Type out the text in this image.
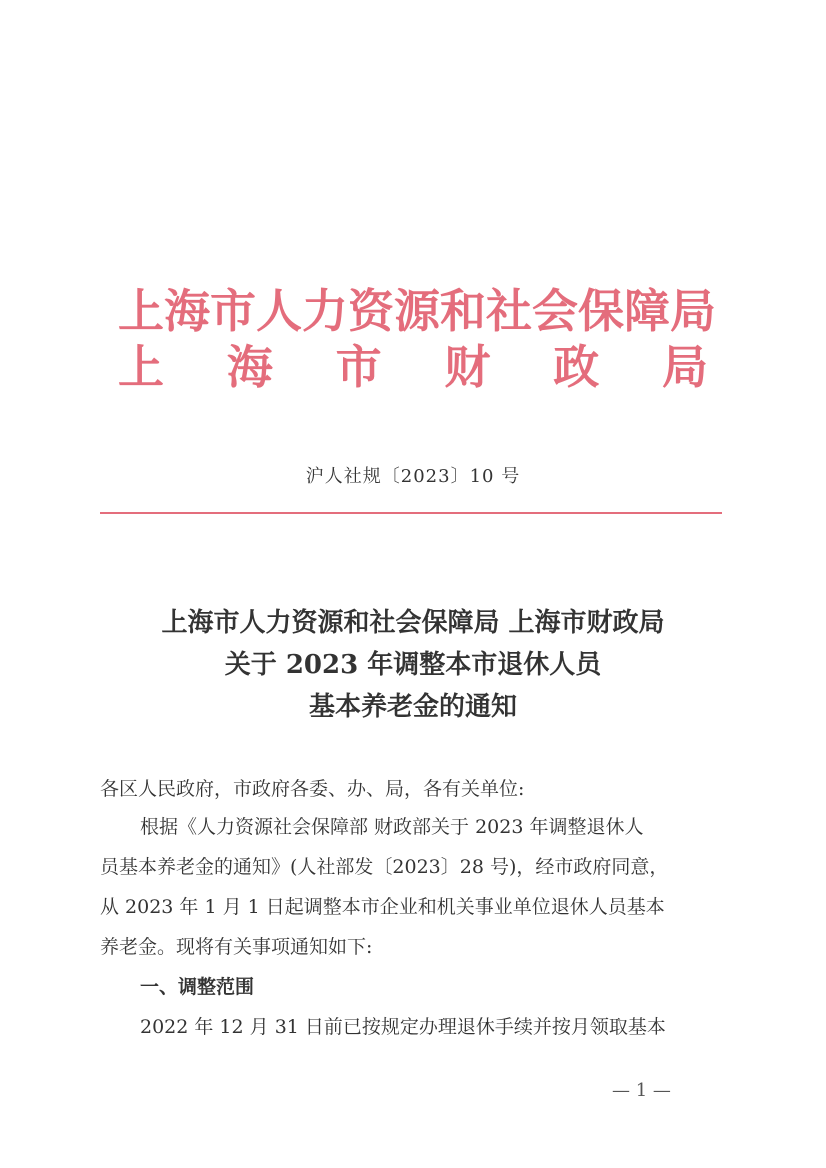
上 海 市 人 力 资 源 和 社 会 保 障 局
上 海 市 财 政 局
沪人社规〔2023〕10 号
上海市人力资源和社会保障局 上海市财政局
关于 2023 年调整本市退休人员
基本养老金的通知
各区人民政府，市政府各委、办、局，各有关单位:
根据《人力资源社会保障部 财政部关于 2023 年调整退休人
员基本养老金的通知》(人社部发〔2023〕28 号)，经市政府同意，
从 2023 年 1 月 1 日起调整本市企业和机关事业单位退休人员基本
养老金。现将有关事项通知如下:
一、调整范围
2022 年 12 月 31 日前已按规定办理退休手续并按月领取基本
— 1 —
